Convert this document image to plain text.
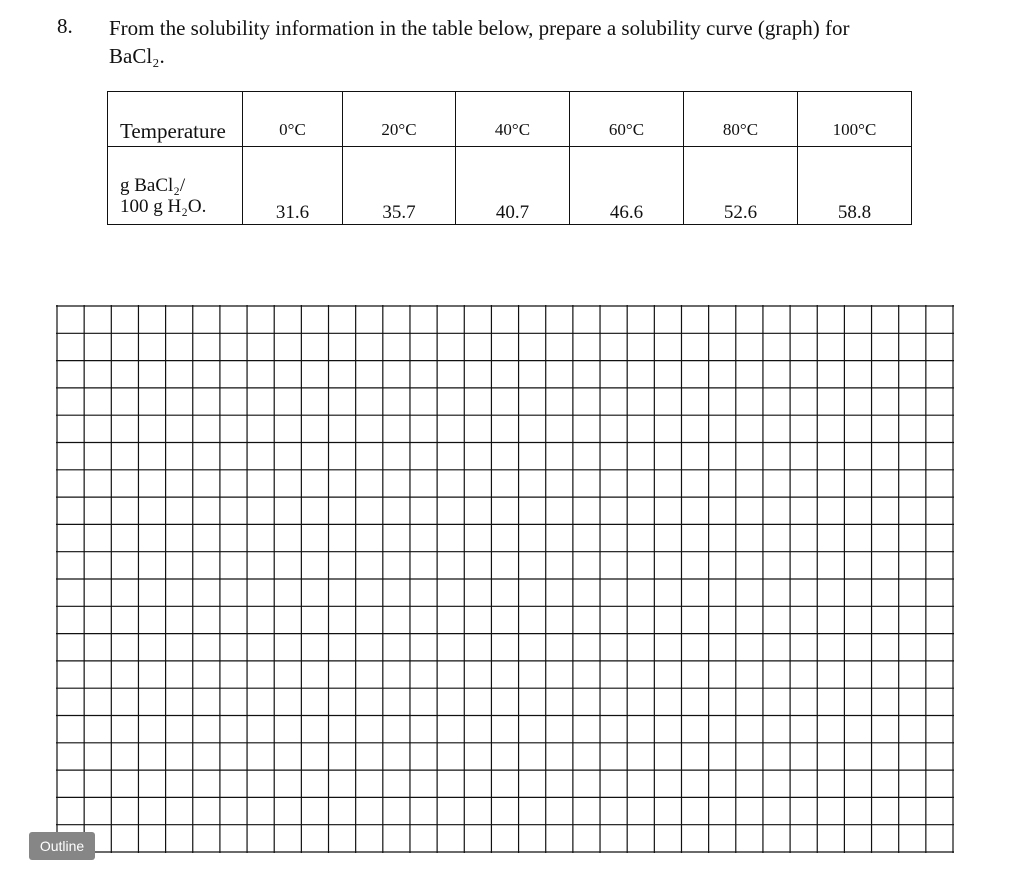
8. From the solubility information in the table below, prepare a solubility curve (graph) for
BaCl₂.
Temperature	0°C	20°C	40°C	60°C	80°C	100°C

g BaCl₂/
100 g H₂O.	31.6	35.7	40.7	46.6	52.6	58.8
Outline
